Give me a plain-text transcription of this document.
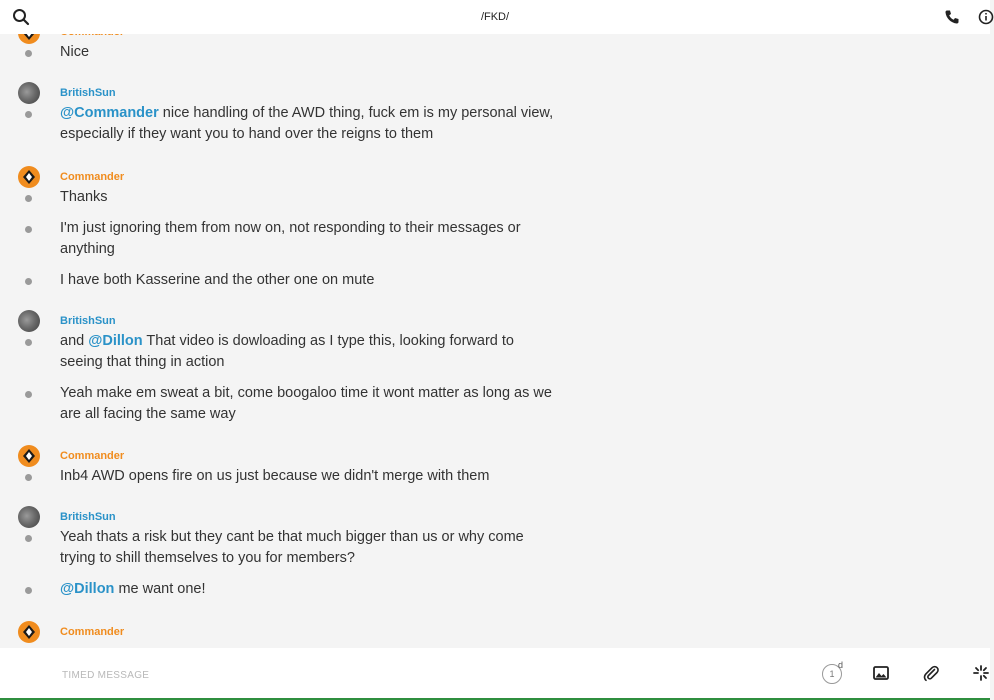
/FKD/
Nice
BritishSun
@Commander nice handling of the AWD thing, fuck em is my personal view, especially if they want you to hand over the reigns to them
Commander
Thanks
I'm just ignoring them from now on, not responding to their messages or anything
I have both Kasserine and the other one on mute
BritishSun
and @Dillon That video is dowloading as I type this, looking forward to seeing that thing in action
Yeah make em sweat a bit, come boogaloo time it wont matter as long as we are all facing the same way
Commander
Inb4 AWD opens fire on us just because we didn't merge with them
BritishSun
Yeah thats a risk but they cant be that much bigger than us or why come trying to shill themselves to you for members?
@Dillon me want one!
Commander
TIMED MESSAGE
1
d
